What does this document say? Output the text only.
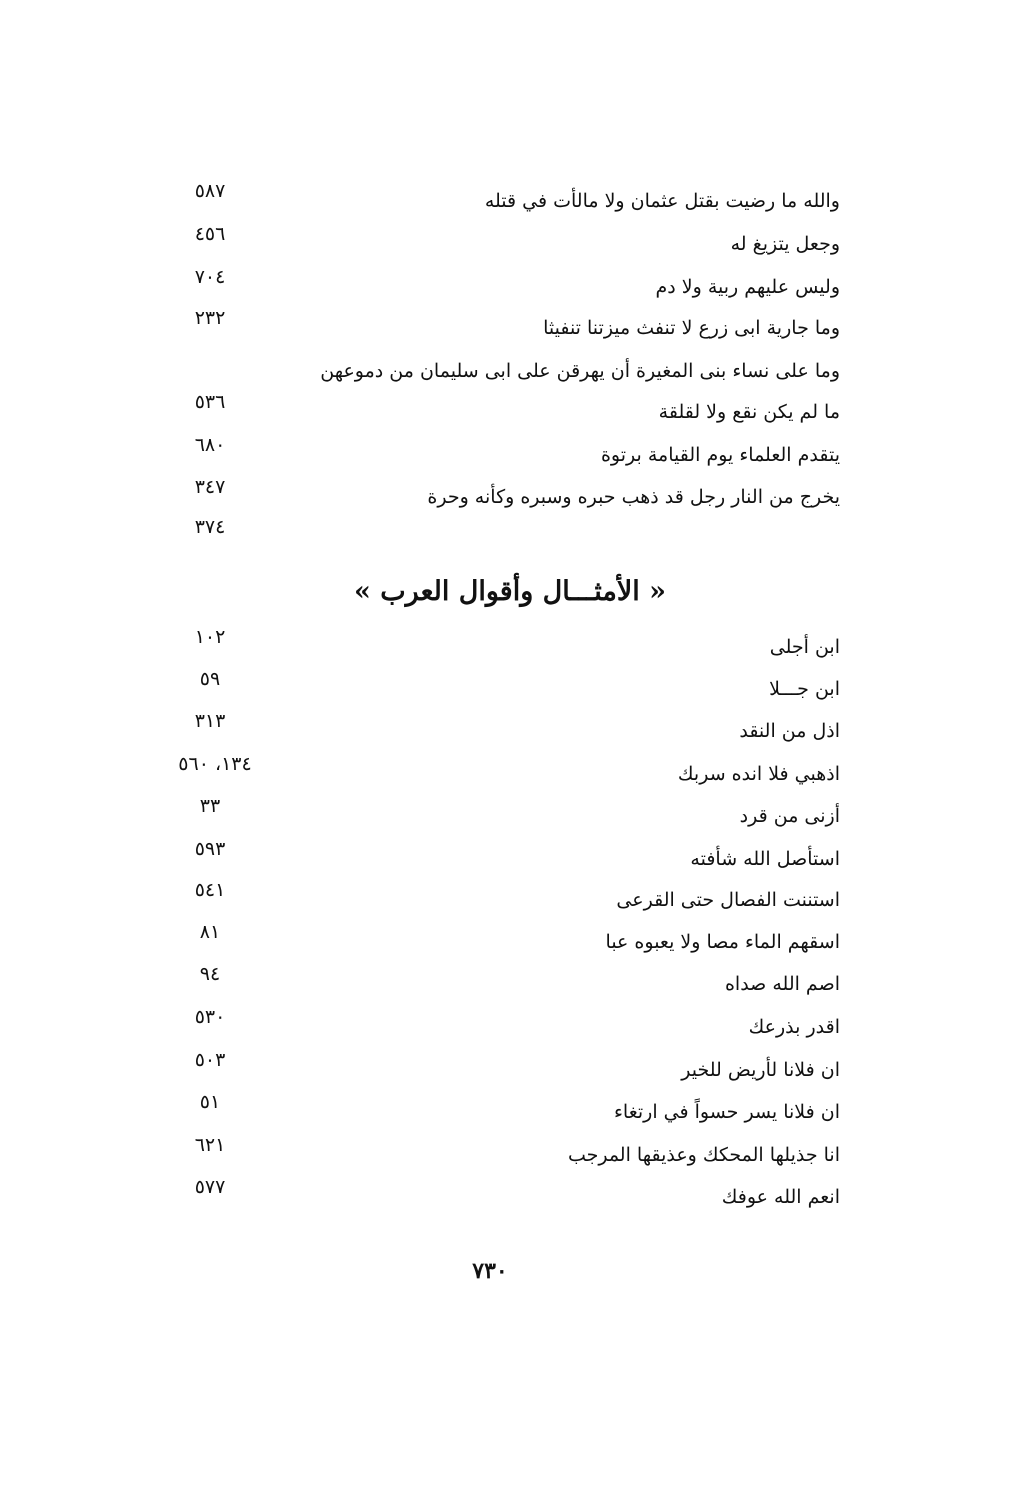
والله ما رضيت بقتل عثمان ولا مالأت في قتله
٥٨٧
وجعل يتزيغ له
٤٥٦
وليس عليهم ربية ولا دم
٧٠٤
وما جارية ابى زرع لا تنفث ميزتنا تنفيثا
٢٣٢
وما على نساء بنى المغيرة أن يهرقن على ابى سليمان من دموعهن
ما لم يكن نقع ولا لقلقة
٥٣٦
يتقدم العلماء يوم القيامة برتوة
٦٨٠
يخرج من النار رجل قد ذهب حبره وسبره وكأنه وحرة
٣٤٧
٣٧٤
« الأمثـــال وأقوال العرب »
ابن أجلى
١٠٢
ابن جـــلا
٥٩
اذل من النقد
٣١٣
اذهبي فلا انده سربك
١٣٤، ٥٦٠
أزنى من قرد
٣٣
استأصل الله شأفته
٥٩٣
استننت الفصال حتى القرعى
٥٤١
اسقهم الماء مصا ولا يعبوه عبا
٨١
اصم الله صداه
٩٤
اقدر بذرعك
٥٣٠
ان فلانا لأريض للخير
٥٠٣
ان فلانا يسر حسواً في ارتغاء
٥١
انا جذيلها المحكك وعذيقها المرجب
٦٢١
انعم الله عوفك
٥٧٧
٧٣٠
